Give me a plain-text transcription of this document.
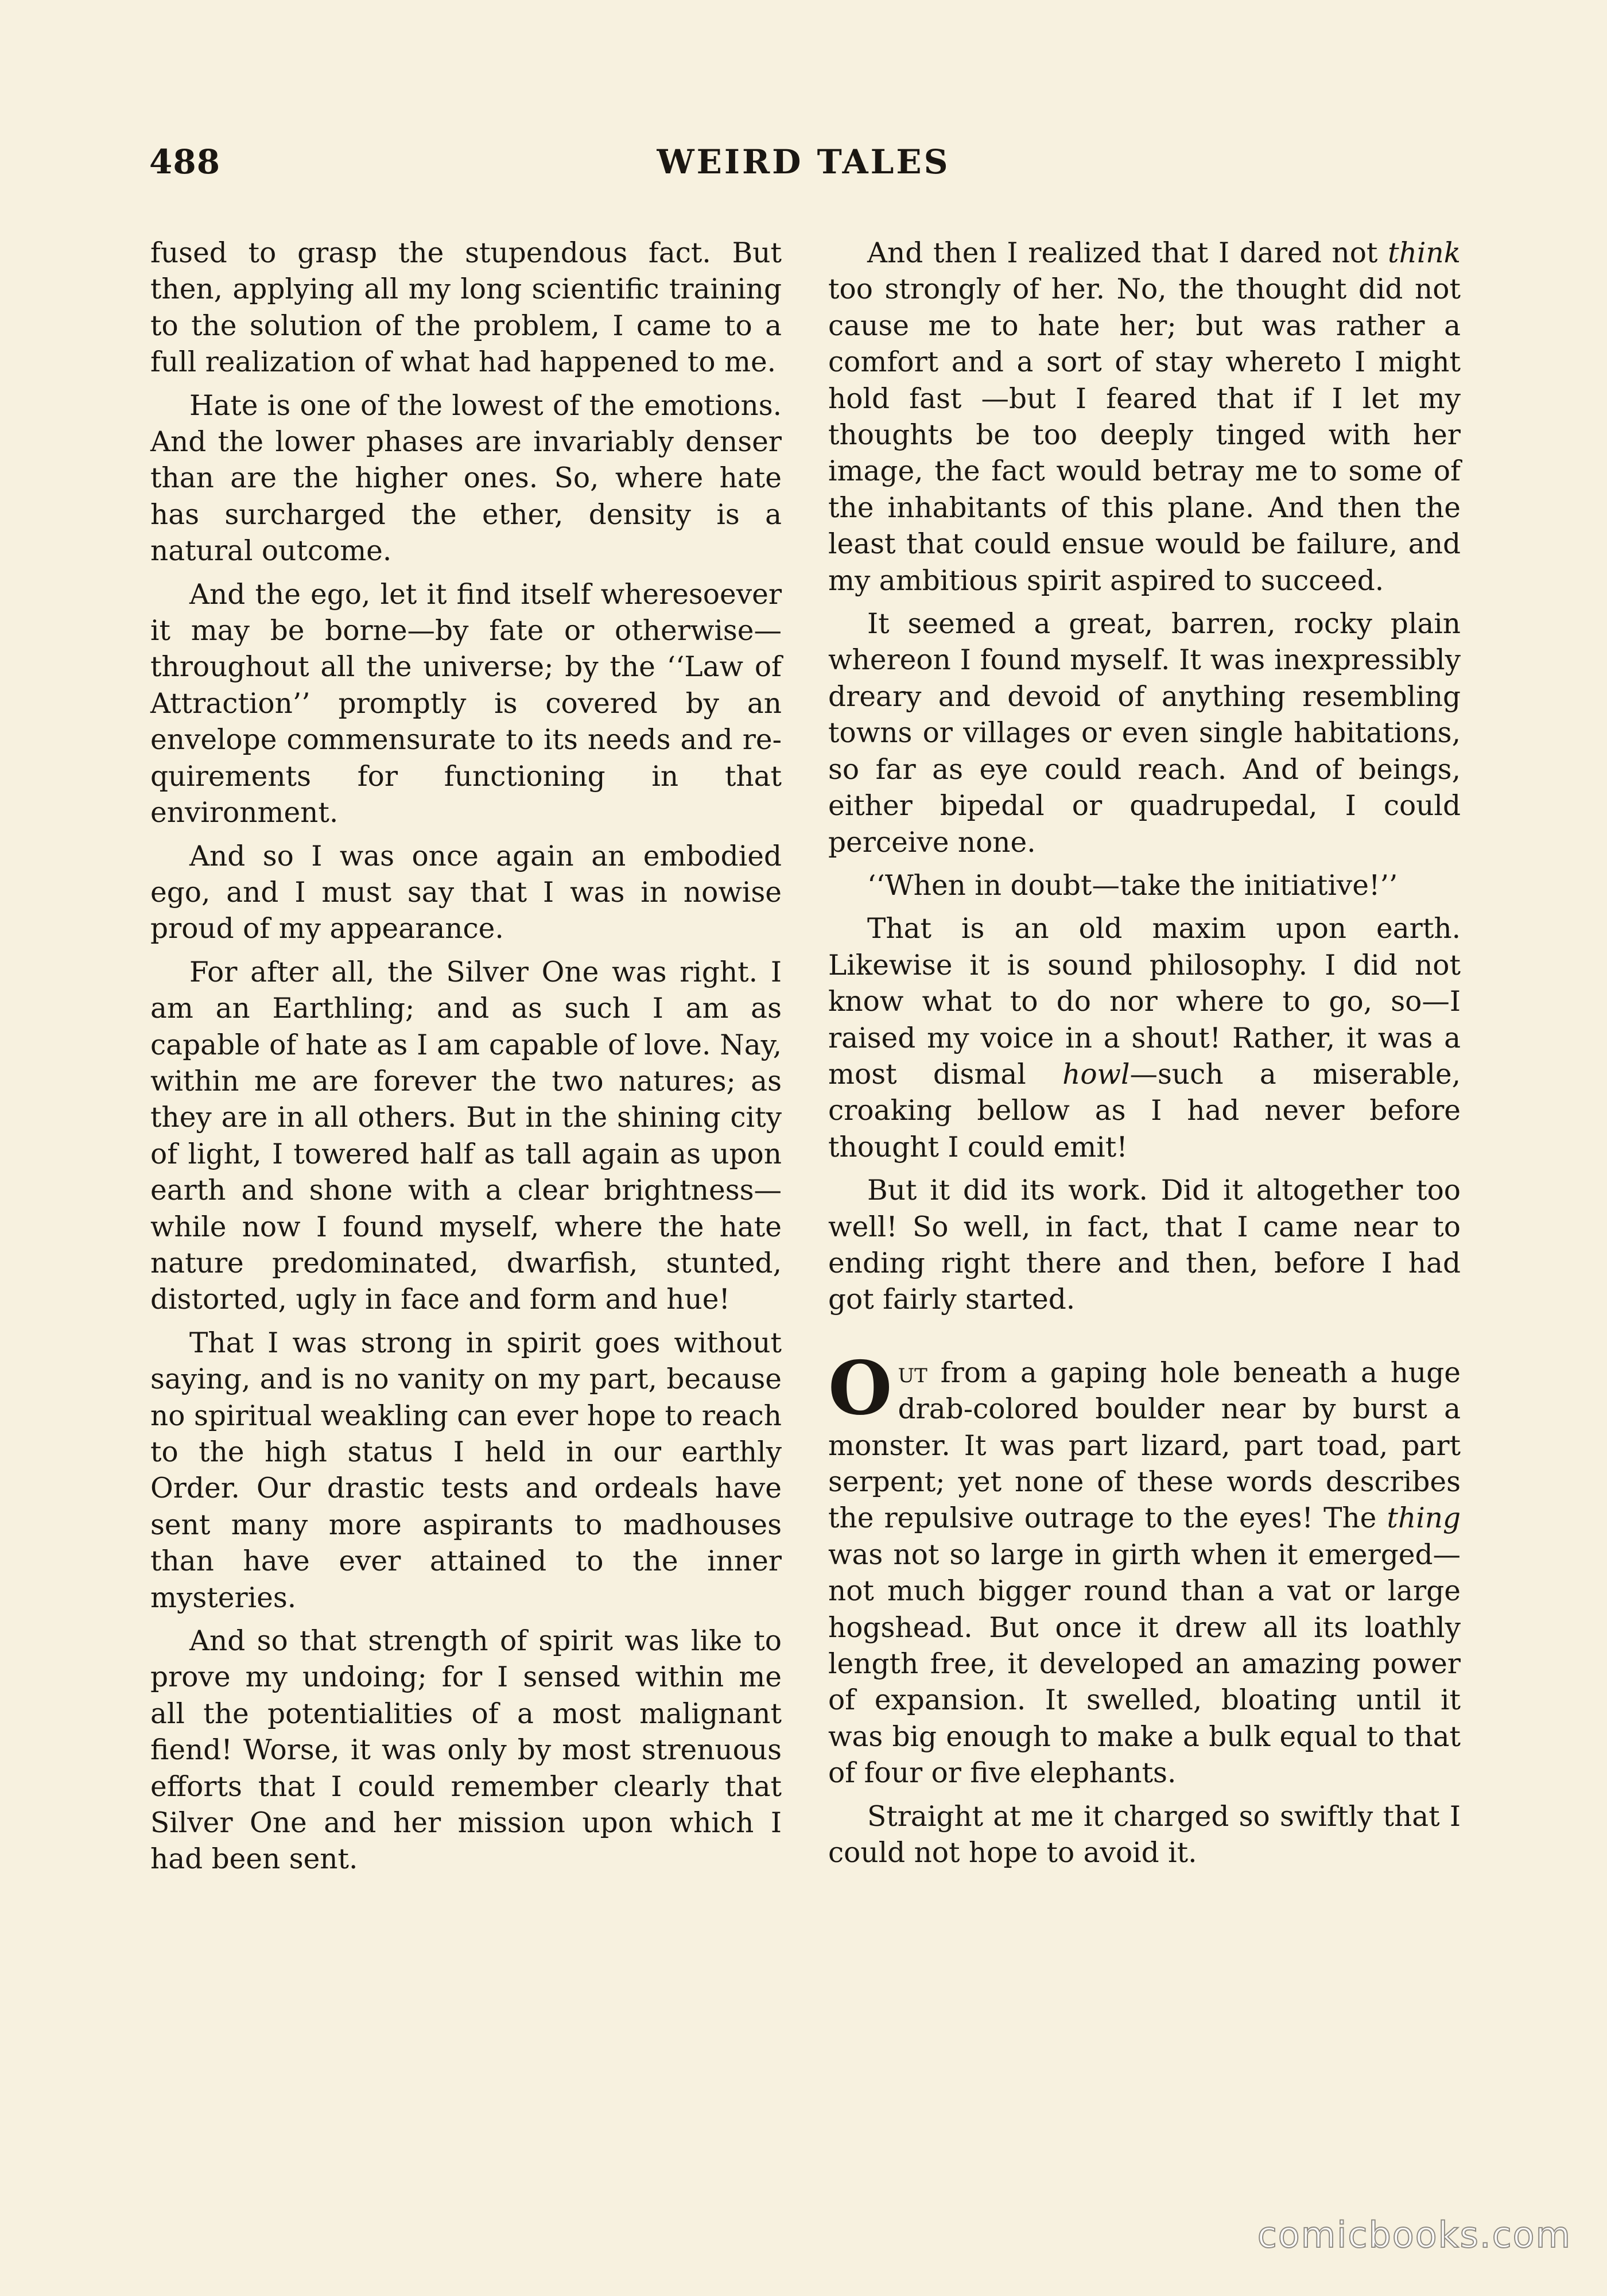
488	WEIRD TALES

fused to grasp the stupendous fact. But then, applying all my long scientific training to the solution of the problem, I came to a full realization of what had happened to me.

Hate is one of the lowest of the emotions. And the lower phases are invariably denser than are the higher ones. So, where hate has surcharged the ether, density is a natural outcome.

And the ego, let it find itself wheresoever it may be borne—by fate or otherwise—throughout all the universe; by the ‘‘Law of Attraction’’ promptly is covered by an envelope commensurate to its needs and requirements for functioning in that environment.

And so I was once again an embodied ego, and I must say that I was in nowise proud of my appearance.

For after all, the Silver One was right. I am an Earthling; and as such I am as capable of hate as I am capable of love. Nay, within me are forever the two natures; as they are in all others. But in the shining city of light, I towered half as tall again as upon earth and shone with a clear brightness—while now I found myself, where the hate nature predominated, dwarfish, stunted, distorted, ugly in face and form and hue!

That I was strong in spirit goes without saying, and is no vanity on my part, because no spiritual weakling can ever hope to reach to the high status I held in our earthly Order. Our drastic tests and ordeals have sent many more aspirants to madhouses than have ever attained to the inner mysteries.

And so that strength of spirit was like to prove my undoing; for I sensed within me all the potentialities of a most malignant fiend! Worse, it was only by most strenuous efforts that I could remember clearly that Silver One and her mission upon which I had been sent.

And then I realized that I dared not think too strongly of her. No, the thought did not cause me to hate her; but was rather a comfort and a sort of stay whereto I might hold fast —but I feared that if I let my thoughts be too deeply tinged with her image, the fact would betray me to some of the inhabitants of this plane. And then the least that could ensue would be failure, and my ambitious spirit aspired to succeed.

It seemed a great, barren, rocky plain whereon I found myself. It was inexpressibly dreary and devoid of anything resembling towns or villages or even single habitations, so far as eye could reach. And of beings, either bipedal or quadrupedal, I could perceive none.

‘‘When in doubt—take the initiative!’’

That is an old maxim upon earth. Likewise it is sound philosophy. I did not know what to do nor where to go, so—I raised my voice in a shout! Rather, it was a most dismal howl—such a miserable, croaking bellow as I had never before thought I could emit!

But it did its work. Did it altogether too well! So well, in fact, that I came near to ending right there and then, before I had got fairly started.

Out from a gaping hole beneath a huge drab-colored boulder near by burst a monster. It was part lizard, part toad, part serpent; yet none of these words describes the repulsive outrage to the eyes! The thing was not so large in girth when it emerged—not much bigger round than a vat or large hogshead. But once it drew all its loathly length free, it developed an amazing power of expansion. It swelled, bloating until it was big enough to make a bulk equal to that of four or five elephants.

Straight at me it charged so swiftly that I could not hope to avoid it.

comicbooks.com
